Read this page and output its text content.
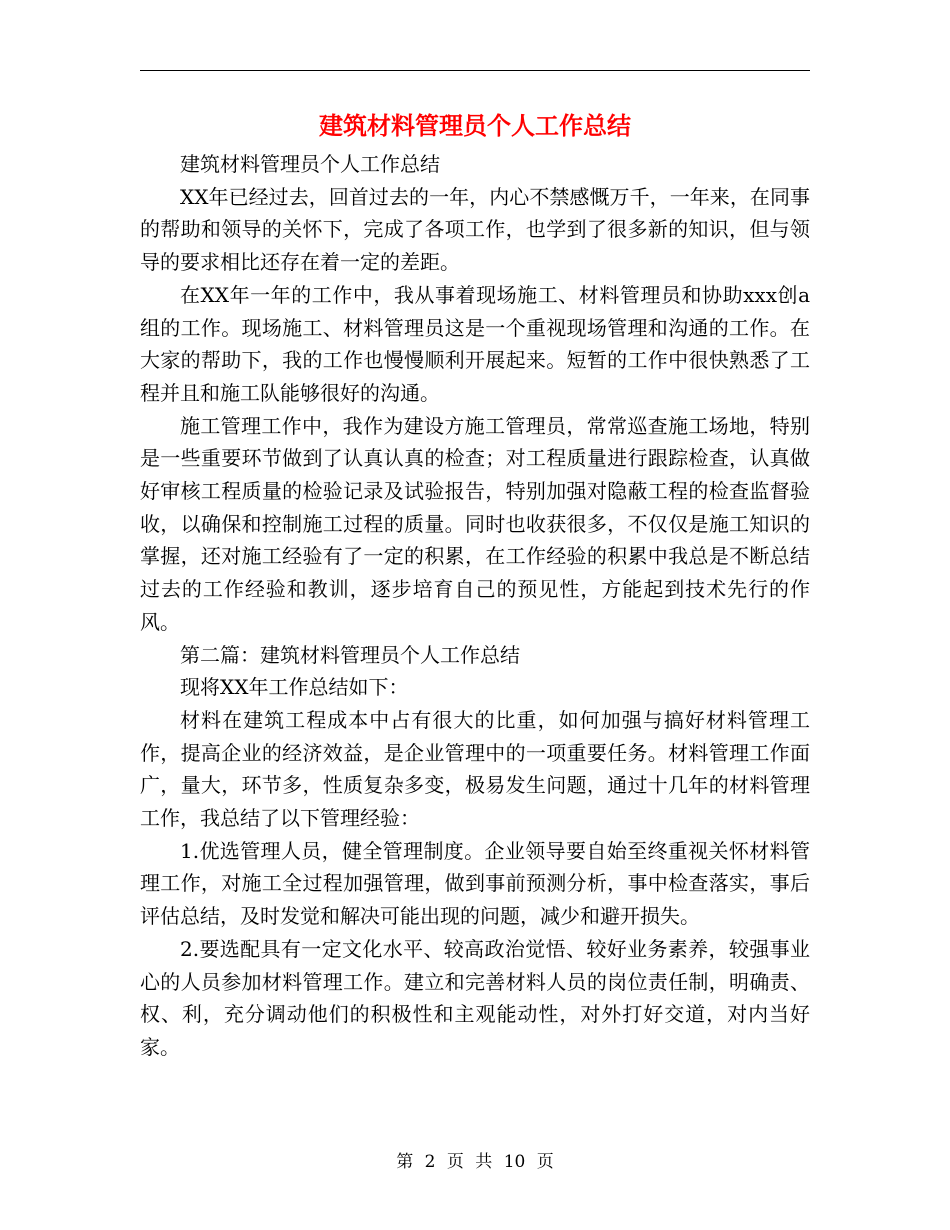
建筑材料管理员个人工作总结

建筑材料管理员个人工作总结

XX年已经过去，回首过去的一年，内心不禁感慨万千，一年来，在同事的帮助和领导的关怀下，完成了各项工作，也学到了很多新的知识，但与领导的要求相比还存在着一定的差距。

在XX年一年的工作中，我从事着现场施工、材料管理员和协助xxx创a组的工作。现场施工、材料管理员这是一个重视现场管理和沟通的工作。在大家的帮助下，我的工作也慢慢顺利开展起来。短暂的工作中很快熟悉了工程并且和施工队能够很好的沟通。

施工管理工作中，我作为建设方施工管理员，常常巡查施工场地，特别是一些重要环节做到了认真认真的检查；对工程质量进行跟踪检查，认真做好审核工程质量的检验记录及试验报告，特别加强对隐蔽工程的检查监督验收，以确保和控制施工过程的质量。同时也收获很多，不仅仅是施工知识的掌握，还对施工经验有了一定的积累，在工作经验的积累中我总是不断总结过去的工作经验和教训，逐步培育自己的预见性，方能起到技术先行的作风。

第二篇：建筑材料管理员个人工作总结

现将XX年工作总结如下：

材料在建筑工程成本中占有很大的比重，如何加强与搞好材料管理工作，提高企业的经济效益，是企业管理中的一项重要任务。材料管理工作面广，量大，环节多，性质复杂多变，极易发生问题，通过十几年的材料管理工作，我总结了以下管理经验：

1.优选管理人员，健全管理制度。企业领导要自始至终重视关怀材料管理工作，对施工全过程加强管理，做到事前预测分析，事中检查落实，事后评估总结，及时发觉和解决可能出现的问题，减少和避开损失。

2.要选配具有一定文化水平、较高政治觉悟、较好业务素养，较强事业心的人员参加材料管理工作。建立和完善材料人员的岗位责任制，明确责、权、利，充分调动他们的积极性和主观能动性，对外打好交道，对内当好家。

第 2 页 共 10 页
